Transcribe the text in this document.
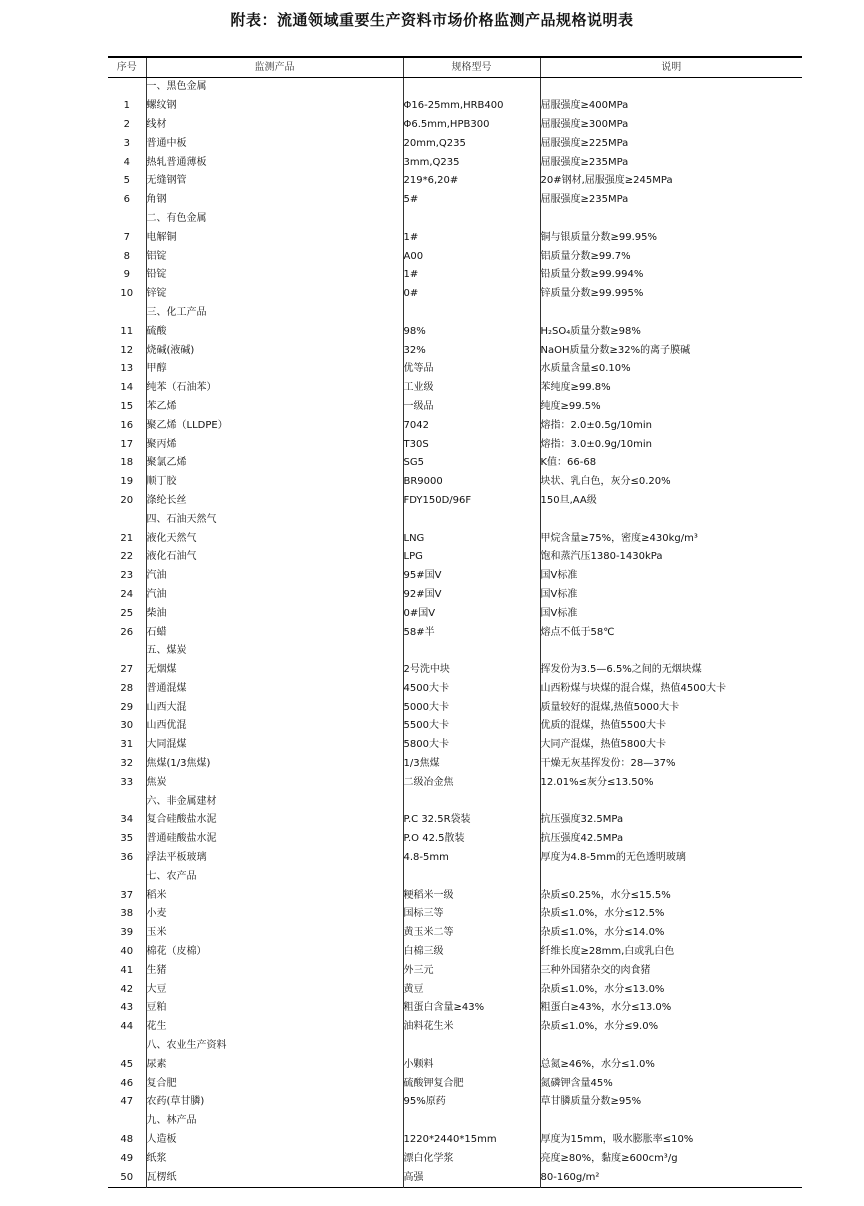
附表：流通领域重要生产资料市场价格监测产品规格说明表
序号	监测产品	规格型号	说明
	一、黑色金属		
1	螺纹钢	Φ16-25mm,HRB400	屈服强度≥400MPa
2	线材	Φ6.5mm,HPB300	屈服强度≥300MPa
3	普通中板	20mm,Q235	屈服强度≥225MPa
4	热轧普通薄板	3mm,Q235	屈服强度≥235MPa
5	无缝钢管	219*6,20#	20#钢材,屈服强度≥245MPa
6	角钢	5#	屈服强度≥235MPa
	二、有色金属		
7	电解铜	1#	铜与银质量分数≥99.95%
8	铝锭	A00	铝质量分数≥99.7%
9	铅锭	1#	铅质量分数≥99.994%
10	锌锭	0#	锌质量分数≥99.995%
	三、化工产品		
11	硫酸	98%	H₂SO₄质量分数≥98%
12	烧碱(液碱)	32%	NaOH质量分数≥32%的离子膜碱
13	甲醇	优等品	水质量含量≤0.10%
14	纯苯（石油苯）	工业级	苯纯度≥99.8%
15	苯乙烯	一级品	纯度≥99.5%
16	聚乙烯（LLDPE）	7042	熔指：2.0±0.5g/10min
17	聚丙烯	T30S	熔指：3.0±0.9g/10min
18	聚氯乙烯	SG5	K值：66-68
19	顺丁胶	BR9000	块状、乳白色，灰分≤0.20%
20	涤纶长丝	FDY150D/96F	150旦,AA级
	四、石油天然气		
21	液化天然气	LNG	甲烷含量≥75%，密度≥430kg/m³
22	液化石油气	LPG	饱和蒸汽压1380-1430kPa
23	汽油	95#国Ⅴ	国Ⅴ标准
24	汽油	92#国Ⅴ	国Ⅴ标准
25	柴油	0#国Ⅴ	国Ⅴ标准
26	石蜡	58#半	熔点不低于58℃
	五、煤炭		
27	无烟煤	2号洗中块	挥发份为3.5—6.5%之间的无烟块煤
28	普通混煤	4500大卡	山西粉煤与块煤的混合煤，热值4500大卡
29	山西大混	5000大卡	质量较好的混煤,热值5000大卡
30	山西优混	5500大卡	优质的混煤，热值5500大卡
31	大同混煤	5800大卡	大同产混煤，热值5800大卡
32	焦煤(1/3焦煤)	1/3焦煤	干燥无灰基挥发份：28—37%
33	焦炭	二级冶金焦	12.01%≤灰分≤13.50%
	六、非金属建材		
34	复合硅酸盐水泥	P.C 32.5R袋装	抗压强度32.5MPa
35	普通硅酸盐水泥	P.O 42.5散装	抗压强度42.5MPa
36	浮法平板玻璃	4.8-5mm	厚度为4.8-5mm的无色透明玻璃
	七、农产品		
37	稻米	粳稻米一级	杂质≤0.25%，水分≤15.5%
38	小麦	国标三等	杂质≤1.0%，水分≤12.5%
39	玉米	黄玉米二等	杂质≤1.0%，水分≤14.0%
40	棉花（皮棉）	白棉三级	纤维长度≥28mm,白或乳白色
41	生猪	外三元	三种外国猪杂交的肉食猪
42	大豆	黄豆	杂质≤1.0%，水分≤13.0%
43	豆粕	粗蛋白含量≥43%	粗蛋白≥43%，水分≤13.0%
44	花生	油料花生米	杂质≤1.0%，水分≤9.0%
	八、农业生产资料		
45	尿素	小颗料	总氮≥46%，水分≤1.0%
46	复合肥	硫酸钾复合肥	氮磷钾含量45%
47	农药(草甘膦)	95%原药	草甘膦质量分数≥95%
	九、林产品		
48	人造板	1220*2440*15mm	厚度为15mm，吸水膨胀率≤10%
49	纸浆	漂白化学浆	亮度≥80%，黏度≥600cm³/g
50	瓦楞纸	高强	80-160g/m²
